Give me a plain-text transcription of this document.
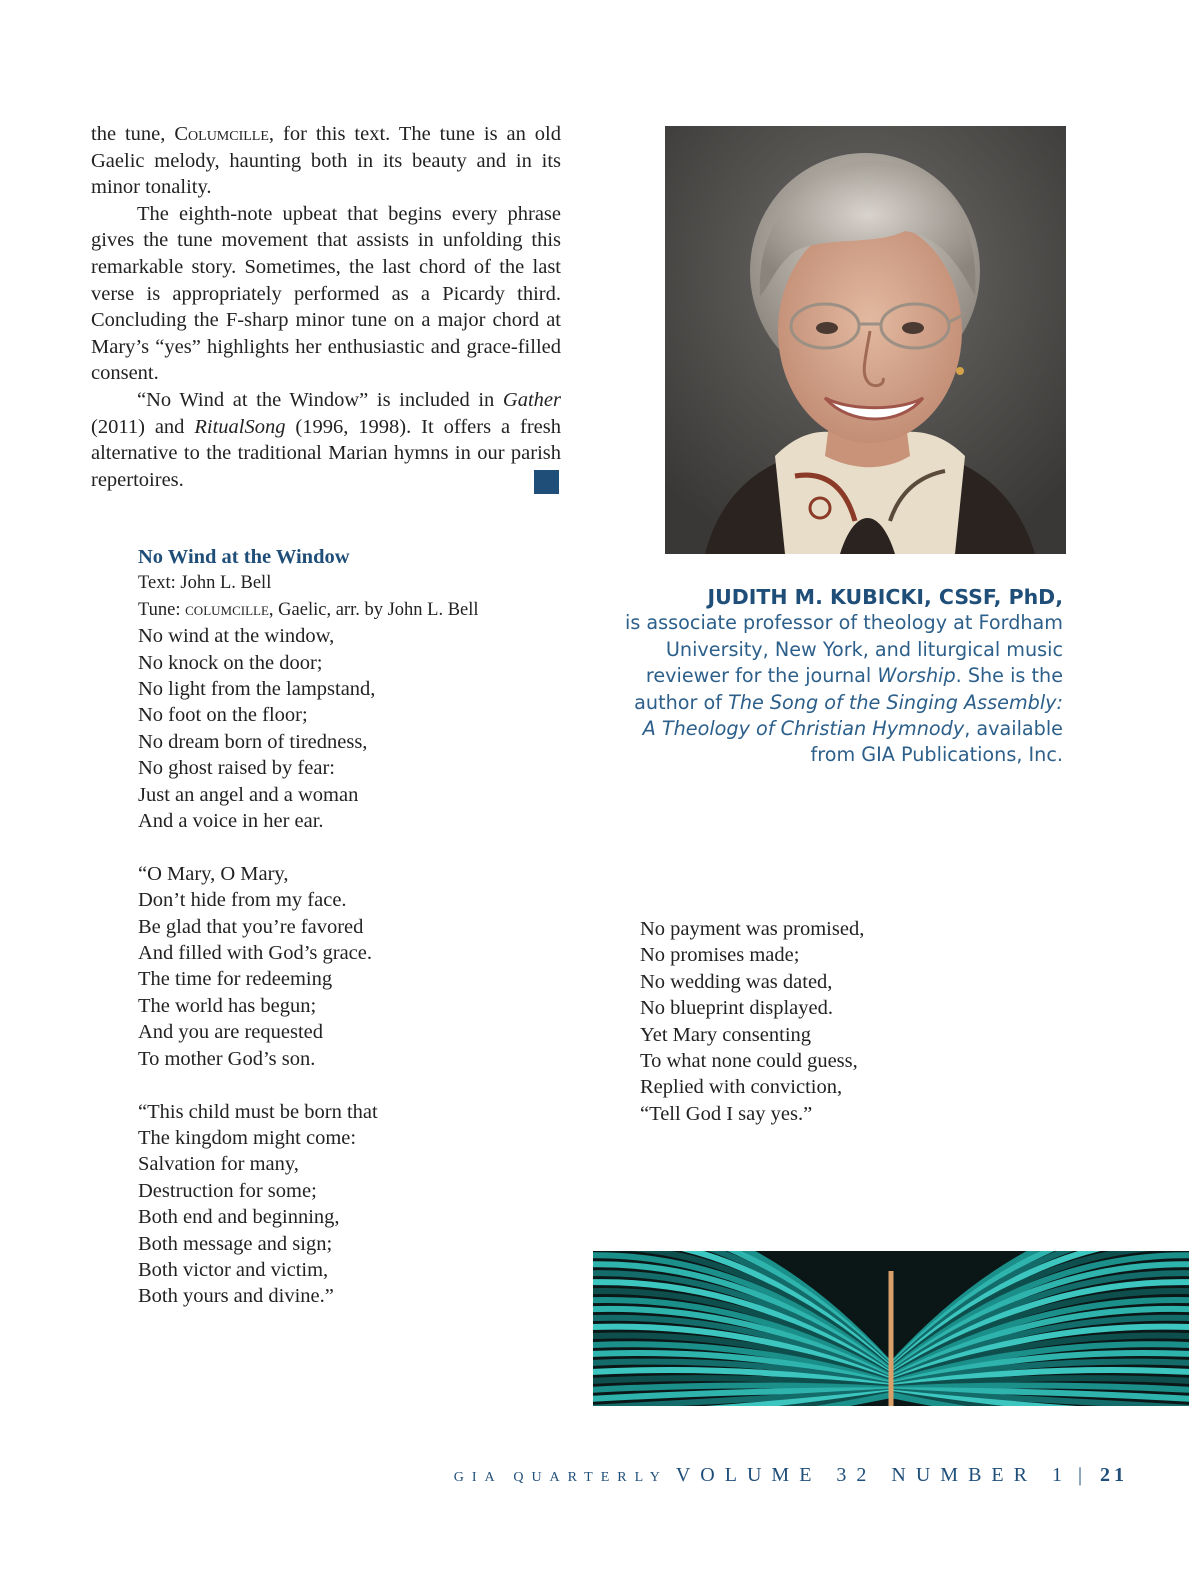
the tune, Columcille, for this text. The tune is an old Gaelic melody, haunting both in its beauty and in its minor tonality.

The eighth-note upbeat that begins every phrase gives the tune movement that assists in unfolding this remarkable story. Sometimes, the last chord of the last verse is appropriately performed as a Picardy third. Concluding the F-sharp minor tune on a major chord at Mary’s “yes” highlights her enthusiastic and grace-filled consent.

“No Wind at the Window” is included in Gather (2011) and RitualSong (1996, 1998). It offers a fresh alternative to the traditional Marian hymns in our parish repertoires.

No Wind at the Window
Text: John L. Bell
Tune: columcille, Gaelic, arr. by John L. Bell
No wind at the window,
No knock on the door;
No light from the lampstand,
No foot on the floor;
No dream born of tiredness,
No ghost raised by fear:
Just an angel and a woman
And a voice in her ear.
“O Mary, O Mary,
Don’t hide from my face.
Be glad that you’re favored
And filled with God’s grace.
The time for redeeming
The world has begun;
And you are requested
To mother God’s son.
“This child must be born that
The kingdom might come:
Salvation for many,
Destruction for some;
Both end and beginning,
Both message and sign;
Both victor and victim,
Both yours and divine.”
No payment was promised,
No promises made;
No wedding was dated,
No blueprint displayed.
Yet Mary consenting
To what none could guess,
Replied with conviction,
“Tell God I say yes.”
JUDITH M. KUBICKI, CSSF, PhD,
is associate professor of theology at Fordham University, New York, and liturgical music reviewer for the journal Worship. She is the author of The Song of the Singing Assembly: A Theology of Christian Hymnody, available from GIA Publications, Inc.
GIA QUARTERLY VOLUME 32 NUMBER 1 | 21
